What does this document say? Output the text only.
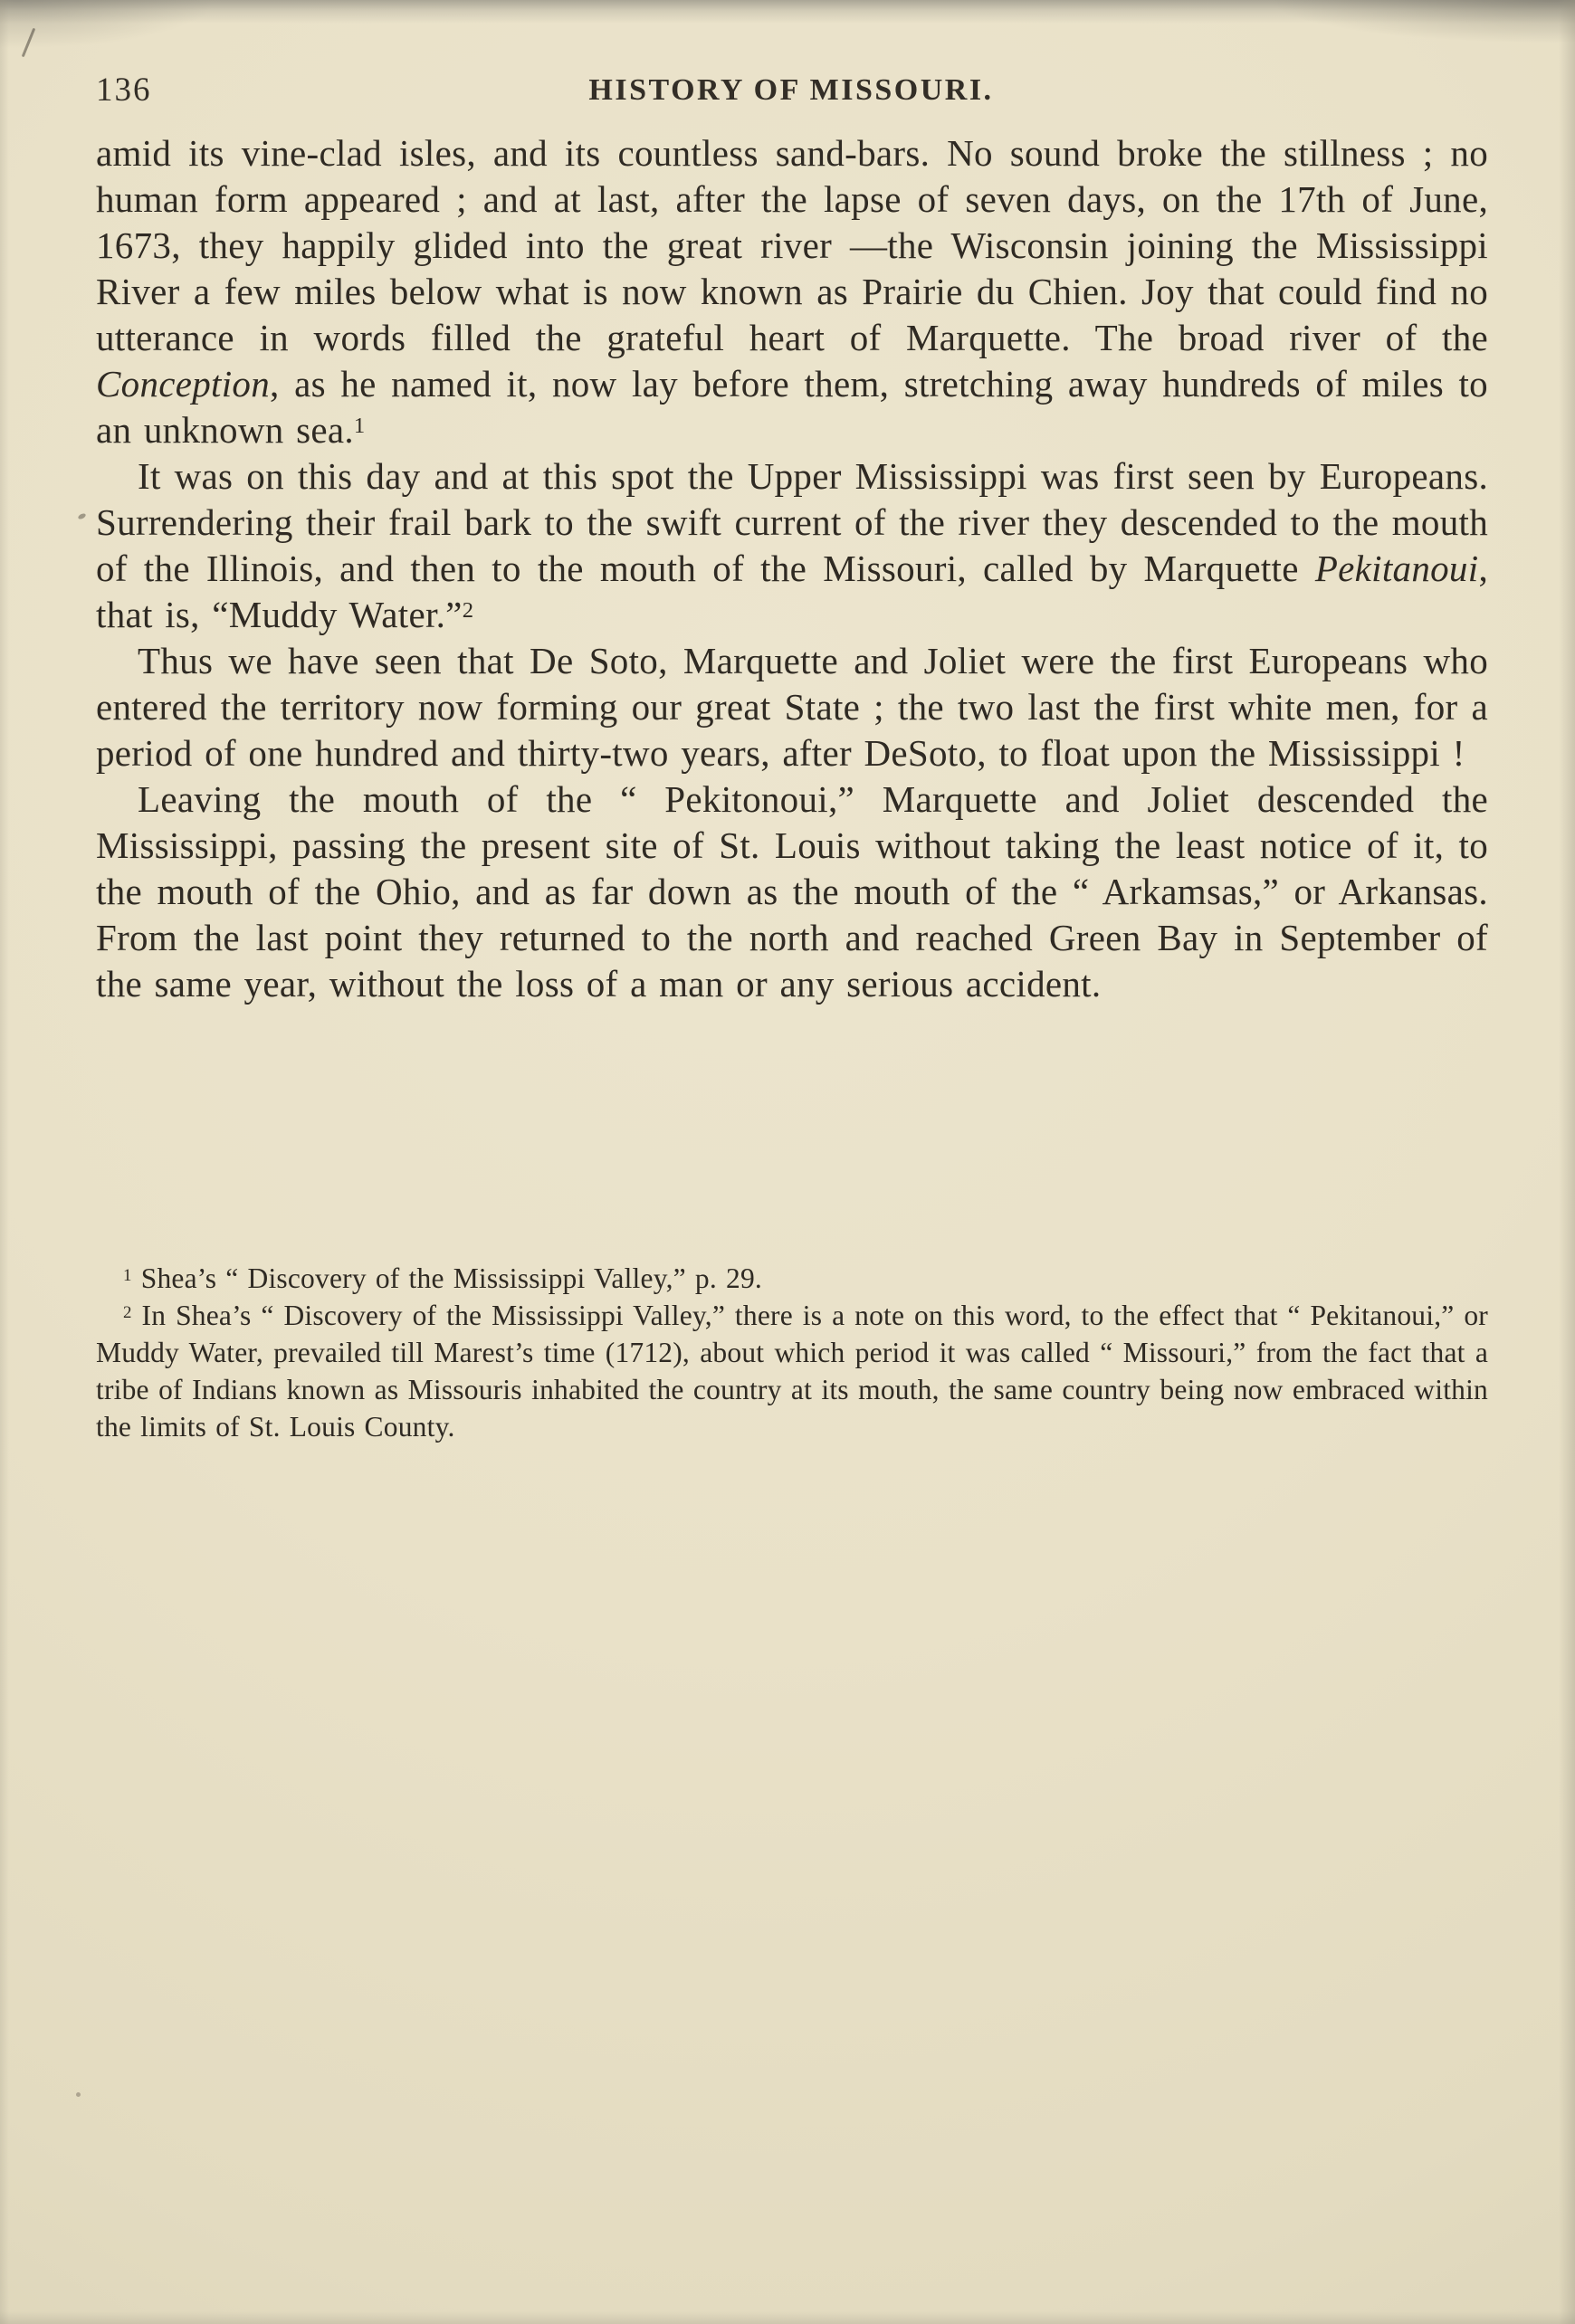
136	HISTORY OF MISSOURI.

amid its vine-clad isles, and its countless sand-bars. No sound broke the stillness ; no human form appeared ; and at last, after the lapse of seven days, on the 17th of June, 1673, they happily glided into the great river —the Wisconsin joining the Mississippi River a few miles below what is now known as Prairie du Chien. Joy that could find no utterance in words filled the grateful heart of Marquette. The broad river of the Conception, as he named it, now lay before them, stretching away hundreds of miles to an unknown sea.$^1$

It was on this day and at this spot the Upper Mississippi was first seen by Europeans. Surrendering their frail bark to the swift current of the river they descended to the mouth of the Illinois, and then to the mouth of the Missouri, called by Marquette Pekitanoui, that is, “Muddy Water.”$^2$

Thus we have seen that De Soto, Marquette and Joliet were the first Europeans who entered the territory now forming our great State ; the two last the first white men, for a period of one hundred and thirty-two years, after DeSoto, to float upon the Mississippi !

Leaving the mouth of the “ Pekitonoui,” Marquette and Joliet descended the Mississippi, passing the present site of St. Louis without taking the least notice of it, to the mouth of the Ohio, and as far down as the mouth of the “ Arkamsas,” or Arkansas. From the last point they returned to the north and reached Green Bay in September of the same year, without the loss of a man or any serious accident.

$^1$ Shea’s “ Discovery of the Mississippi Valley,” p. 29.

$^2$ In Shea’s “ Discovery of the Mississippi Valley,” there is a note on this word, to the effect that “ Pekitanoui,” or Muddy Water, prevailed till Marest’s time (1712), about which period it was called “ Missouri,” from the fact that a tribe of Indians known as Missouris inhabited the country at its mouth, the same country being now embraced within the limits of St. Louis County.
